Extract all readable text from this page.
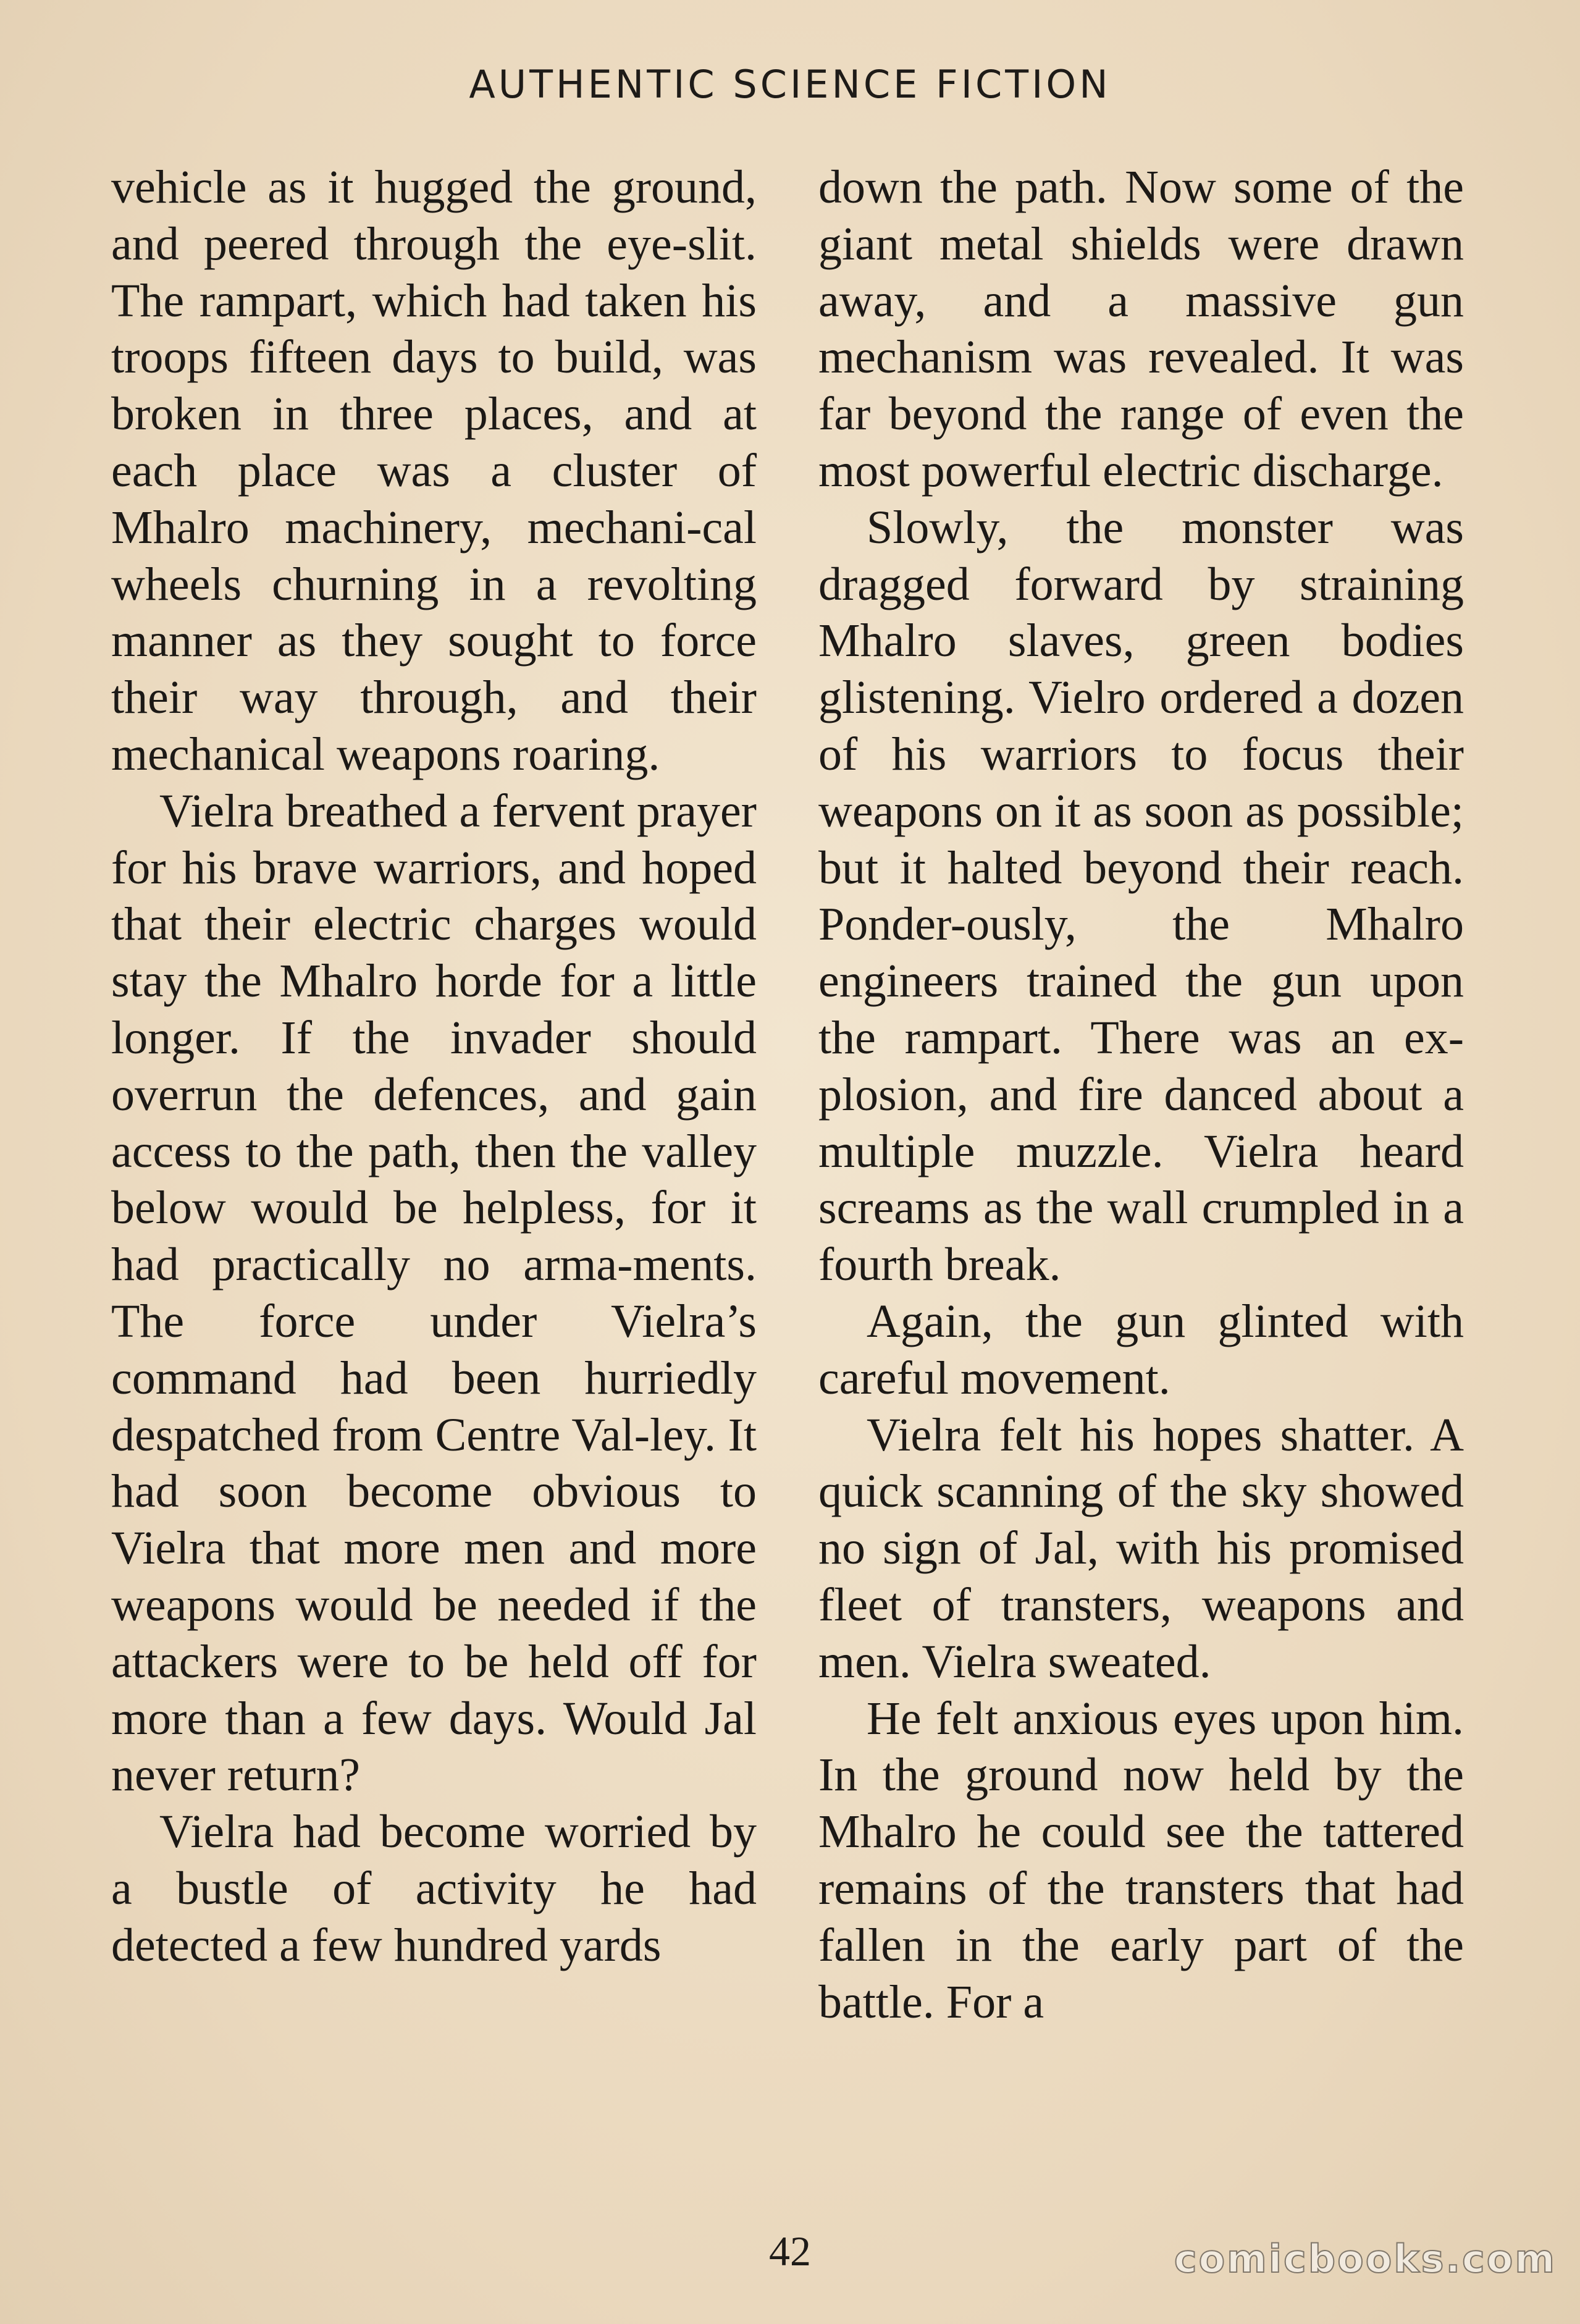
AUTHENTIC SCIENCE FICTION

vehicle as it hugged the ground, and peered through the eye-slit. The rampart, which had taken his troops fifteen days to build, was broken in three places, and at each place was a cluster of Mhalro machinery, mechani-cal wheels churning in a revolting manner as they sought to force their way through, and their mechanical weapons roaring.

Vielra breathed a fervent prayer for his brave warriors, and hoped that their electric charges would stay the Mhalro horde for a little longer. If the invader should overrun the defences, and gain access to the path, then the valley below would be helpless, for it had practically no arma-ments. The force under Vielra’s command had been hurriedly despatched from Centre Val-ley. It had soon become obvious to Vielra that more men and more weapons would be needed if the attackers were to be held off for more than a few days. Would Jal never return?

Vielra had become worried by a bustle of activity he had detected a few hundred yards

down the path. Now some of the giant metal shields were drawn away, and a massive gun mechanism was revealed. It was far beyond the range of even the most powerful electric discharge.

Slowly, the monster was dragged forward by straining Mhalro slaves, green bodies glistening. Vielro ordered a dozen of his warriors to focus their weapons on it as soon as possible; but it halted beyond their reach. Ponder-ously, the Mhalro engineers trained the gun upon the rampart. There was an ex-plosion, and fire danced about a multiple muzzle. Vielra heard screams as the wall crumpled in a fourth break.

Again, the gun glinted with careful movement.

Vielra felt his hopes shatter. A quick scanning of the sky showed no sign of Jal, with his promised fleet of transters, weapons and men. Vielra sweated.

He felt anxious eyes upon him. In the ground now held by the Mhalro he could see the tattered remains of the transters that had fallen in the early part of the battle. For a

42	comicbooks.com
